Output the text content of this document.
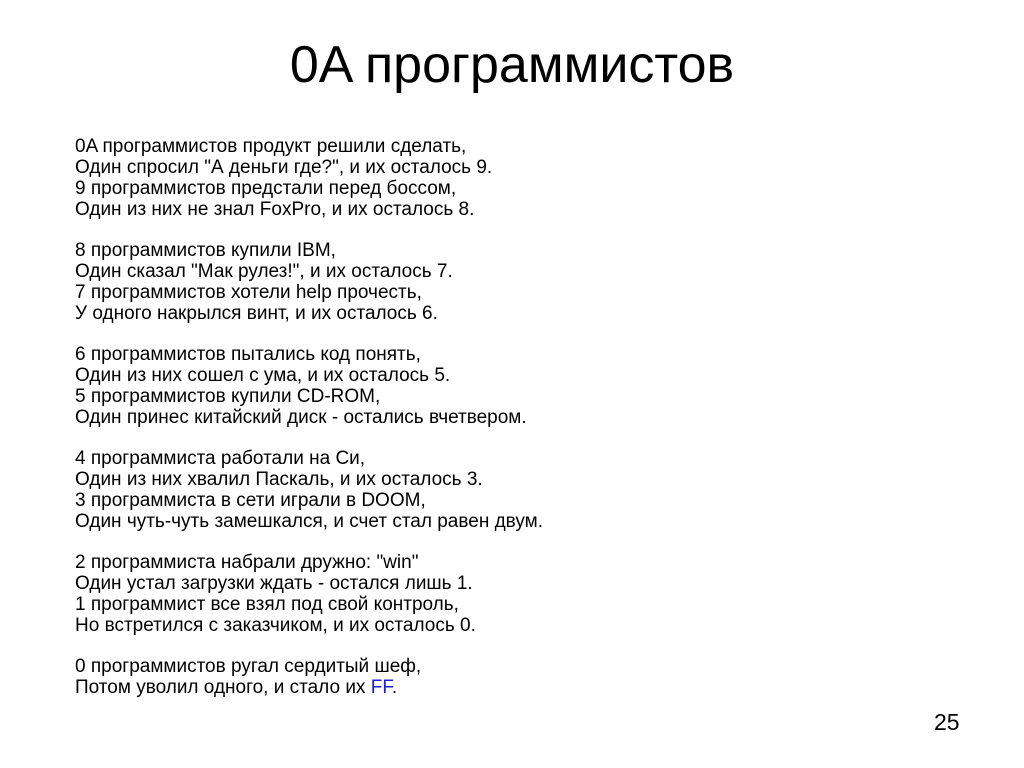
0A программистов
0A программистов продукт решили сделать,
Один спросил "А деньги где?", и их осталось 9.
9 программистов предстали перед боссом,
Один из них не знал FoxPro, и их осталось 8.
8 программистов купили IBM,
Один сказал "Мак рулез!", и их осталось 7.
7 программистов хотели help прочесть,
У одного накрылся винт, и их осталось 6.
6 программистов пытались код понять,
Один из них сошел с ума, и их осталось 5.
5 программистов купили CD-ROM,
Один принес китайский диск - остались вчетвером.
4 программиста работали на Си,
Один из них хвалил Паскаль, и их осталось 3.
3 программиста в сети играли в DOOM,
Один чуть-чуть замешкался, и счет стал равен двум.
2 программиста набрали дружно: "win"
Один устал загрузки ждать - остался лишь 1.
1 программист все взял под свой контроль,
Но встретился с заказчиком, и их осталось 0.
0 программистов ругал сердитый шеф,
Потом уволил одного, и стало их FF.
25
